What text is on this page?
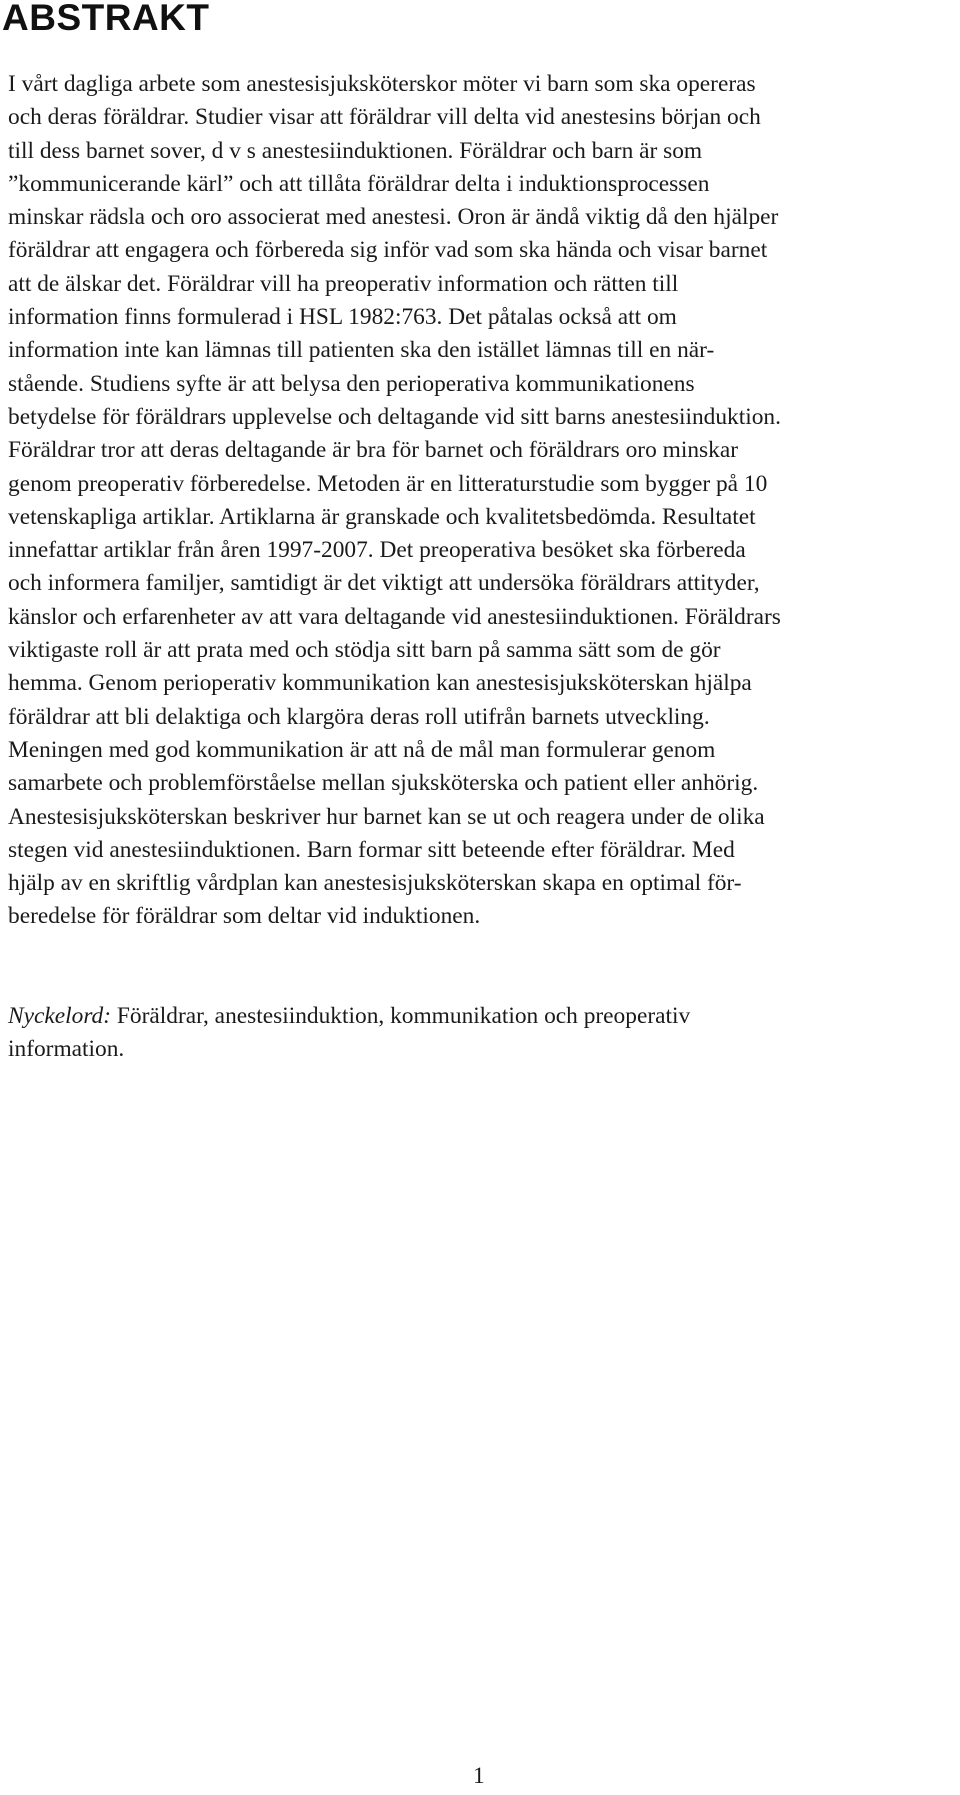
ABSTRAKT

I vårt dagliga arbete som anestesisjuksköterskor möter vi barn som ska opereras
och deras föräldrar. Studier visar att föräldrar vill delta vid anestesins början och
till dess barnet sover, d v s anestesiinduktionen. Föräldrar och barn är som
”kommunicerande kärl” och att tillåta föräldrar delta i induktionsprocessen
minskar rädsla och oro associerat med anestesi. Oron är ändå viktig då den hjälper
föräldrar att engagera och förbereda sig inför vad som ska hända och visar barnet
att de älskar det. Föräldrar vill ha preoperativ information och rätten till
information finns formulerad i HSL 1982:763. Det påtalas också att om
information inte kan lämnas till patienten ska den istället lämnas till en när-
stående. Studiens syfte är att belysa den perioperativa kommunikationens
betydelse för föräldrars upplevelse och deltagande vid sitt barns anestesiinduktion.
Föräldrar tror att deras deltagande är bra för barnet och föräldrars oro minskar
genom preoperativ förberedelse. Metoden är en litteraturstudie som bygger på 10
vetenskapliga artiklar. Artiklarna är granskade och kvalitetsbedömda. Resultatet
innefattar artiklar från åren 1997-2007. Det preoperativa besöket ska förbereda
och informera familjer, samtidigt är det viktigt att undersöka föräldrars attityder,
känslor och erfarenheter av att vara deltagande vid anestesiinduktionen. Föräldrars
viktigaste roll är att prata med och stödja sitt barn på samma sätt som de gör
hemma. Genom perioperativ kommunikation kan anestesisjuksköterskan hjälpa
föräldrar att bli delaktiga och klargöra deras roll utifrån barnets utveckling.
Meningen med god kommunikation är att nå de mål man formulerar genom
samarbete och problemförståelse mellan sjuksköterska och patient eller anhörig.
Anestesisjuksköterskan beskriver hur barnet kan se ut och reagera under de olika
stegen vid anestesiinduktionen. Barn formar sitt beteende efter föräldrar. Med
hjälp av en skriftlig vårdplan kan anestesisjuksköterskan skapa en optimal för-
beredelse för föräldrar som deltar vid induktionen.

Nyckelord: Föräldrar, anestesiinduktion, kommunikation och preoperativ
information.

1
